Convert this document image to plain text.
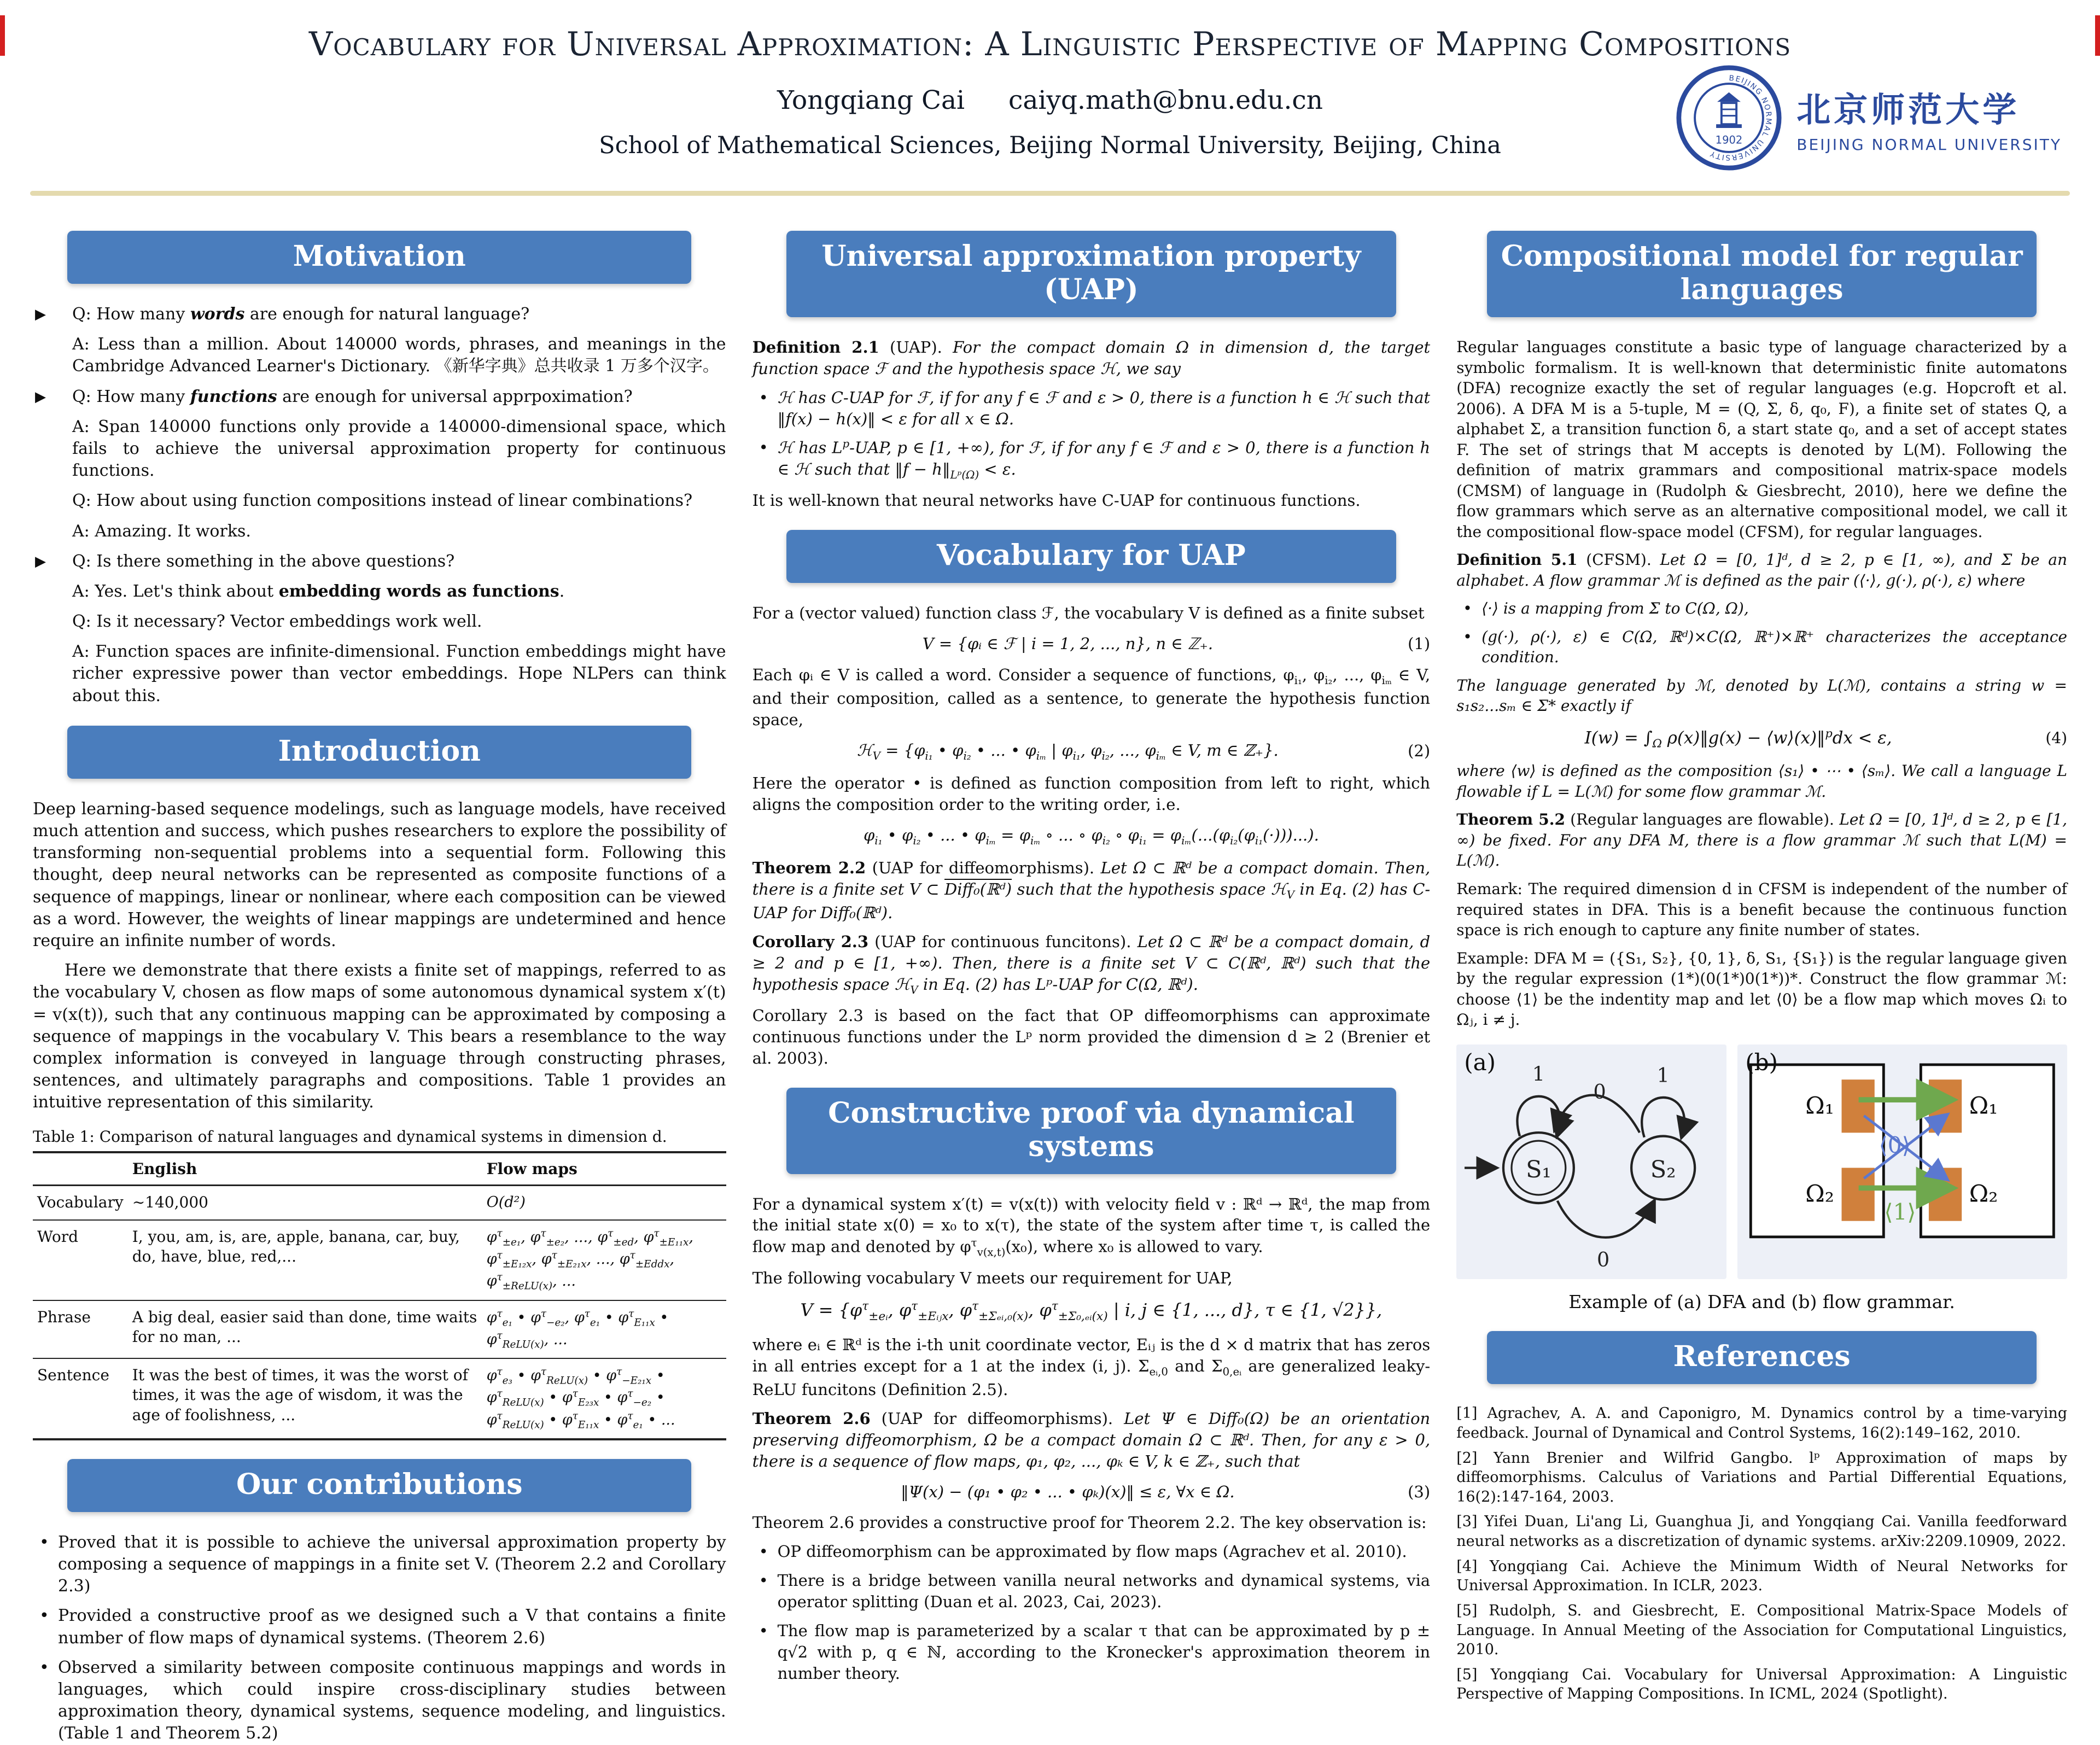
Vocabulary for Universal Approximation: A Linguistic Perspective of Mapping Compositions
Yongqiang Cai caiyq.math@bnu.edu.cn
School of Mathematical Sciences, Beijing Normal University, Beijing, China
BEIJING NORMAL UNIVERSITY
1902
北京师范大学
BEIJING NORMAL UNIVERSITY
Motivation
▶ Q: How many words are enough for natural language?
A: Less than a million. About 140000 words, phrases, and meanings in the Cambridge Advanced Learner's Dictionary. 《新华字典》总共收录 1 万多个汉字。
▶ Q: How many functions are enough for universal apprpoximation?
A: Span 140000 functions only provide a 140000-dimensional space, which fails to achieve the universal approximation property for continuous functions.
Q: How about using function compositions instead of linear combinations?
A: Amazing. It works.
▶ Q: Is there something in the above questions?
A: Yes. Let's think about embedding words as functions.
Q: Is it necessary? Vector embeddings work well.
A: Function spaces are infinite-dimensional. Function embeddings might have richer expressive power than vector embeddings. Hope NLPers can think about this.
Introduction

Deep learning-based sequence modelings, such as language models, have received much attention and success, which pushes researchers to explore the possibility of transforming non-sequential problems into a sequential form. Following this thought, deep neural networks can be represented as composite functions of a sequence of mappings, linear or nonlinear, where each composition can be viewed as a word. However, the weights of linear mappings are undetermined and hence require an infinite number of words.

Here we demonstrate that there exists a finite set of mappings, referred to as the vocabulary V, chosen as flow maps of some autonomous dynamical system x′(t) = v(x(t)), such that any continuous mapping can be approximated by composing a sequence of mappings in the vocabulary V. This bears a resemblance to the way complex information is conveyed in language through constructing phrases, sentences, and ultimately paragraphs and compositions. Table 1 provides an intuitive representation of this similarity.

Table 1: Comparison of natural languages and dynamical systems in dimension d.
	English	Flow maps
Vocabulary	∼140,000	O(d²)
Word	I, you, am, is, are, apple, banana, car, buy, do, have, blue, red,...	$\varphi^\tau_{\pm e_1}$, $\varphi^\tau_{\pm e_2}$, ..., $\varphi^\tau_{\pm e𝑑}$, $\varphi^\tau_{\pm E_{11}x}$, $\varphi^\tau_{\pm E_{12}x}$, $\varphi^\tau_{\pm E_{21}x}$, ..., $\varphi^\tau_{\pm E𝑑𝑑x}$, $\varphi^\tau_{\pm ReLU(x)}$, ...
Phrase	A big deal, easier said than done, time waits for no man, ...	$\varphi^\tau_{e_1}$ • $\varphi^\tau_{-e_2}$, $\varphi^\tau_{e_1}$ • $\varphi^\tau_{E_{11}x}$ • $\varphi^\tau_{ReLU(x)}$, ...
Sentence	It was the best of times, it was the worst of times, it was the age of wisdom, it was the age of foolishness, ...	$\varphi^\tau_{e_3}$ • $\varphi^\tau_{ReLU(x)}$ • $\varphi^\tau_{-E_{21}x}$ • $\varphi^\tau_{ReLU(x)}$ • $\varphi^\tau_{E_{23}x}$ • $\varphi^\tau_{-e_2}$ • $\varphi^\tau_{ReLU(x)}$ • $\varphi^\tau_{E_{11}x}$ • $\varphi^\tau_{e_1}$ • ...
Our contributions
• Proved that it is possible to achieve the universal approximation property by composing a sequence of mappings in a finite set V. (Theorem 2.2 and Corollary 2.3)
• Provided a constructive proof as we designed such a V that contains a finite number of flow maps of dynamical systems. (Theorem 2.6)
• Observed a similarity between composite continuous mappings and words in languages, which could inspire cross-disciplinary studies between approximation theory, dynamical systems, sequence modeling, and linguistics. (Table 1 and Theorem 5.2)
Universal approximation property (UAP)

Definition 2.1 (UAP). For the compact domain Ω in dimension d, the target function space ℱ and the hypothesis space ℋ, we say

• ℋ has C-UAP for ℱ, if for any f ∈ ℱ and ε > 0, there is a function h ∈ ℋ such that ‖f(x) − h(x)‖ < ε for all x ∈ Ω.
• ℋ has $L^p$-UAP, p ∈ [1, +∞), for ℱ, if for any f ∈ ℱ and ε > 0, there is a function h ∈ ℋ such that ‖f − $h‖_{Lᵖ(\Omega)} < \varepsilon$.

It is well-known that neural networks have C-UAP for continuous functions.

Vocabulary for UAP

For a (vector valued) function class ℱ, the vocabulary V is defined as a finite subset

V = {φᵢ ∈ ℱ | i = 1, 2, ..., n}, n ∈ ℤ₊.	(1)

Each φᵢ ∈ V is called a word. Consider a sequence of functions, $\varphi_{i_1}$, $\varphi_{i_2}$, ..., $\varphi_{i_m}$ ∈ V, and their composition, called as a sentence, to generate the hypothesis function space,

ℋ$_V$ = {$\varphi_{i_1}$ • $\varphi_{i_2}$ • ... • $\varphi_{i_m}$ | $\varphi_{i_1}$, $\varphi_{i_2}$, ..., $\varphi_{i_m}$ ∈ V, m ∈ ℤ₊}.	(2)

Here the operator • is defined as function composition from left to right, which aligns the composition order to the writing order, i.e.

$\varphi_{i_1}$ • $\varphi_{i_2}$ • ... • $\varphi_{i_m} = \varphi_{i_m}$ ∘ ... ∘ $\varphi_{i_2}$ ∘ $\varphi_{i_1} = \varphi_{i_m}(...(\varphi_{i_2}(\varphi_{i_1}(\cdot)))...)$.

Theorem 2.2 (UAP for diffeomorphisms). Let Ω ⊂ ℝᵈ be a compact domain. Then, there is a finite set V ⊂ Diff₀(ℝᵈ) such that the hypothesis space ℋ$_V$ in Eq. (2) has C-UAP for Diff₀(ℝᵈ).

Corollary 2.3 (UAP for continuous funcitons). Let Ω ⊂ ℝᵈ be a compact domain, d ≥ 2 and p ∈ [1, +∞). Then, there is a finite set V ⊂ C(ℝᵈ, ℝᵈ) such that the hypothesis space ℋ$_V$ in Eq. (2) has Lᵖ-UAP for C(Ω, ℝᵈ).

Corollary 2.3 is based on the fact that OP diffeomorphisms can approximate continuous functions under the Lᵖ norm provided the dimension d ≥ 2 (Brenier et al. 2003).

Constructive proof via dynamical systems

For a dynamical system x′(t) = v(x(t)) with velocity field v : ℝᵈ → ℝᵈ, the map from the initial state x(0) = x₀ to x(τ), the state of the system after time τ, is called the flow map and denoted by $\varphi^\tau_{v(x,t)}(x_0)$, where x₀ is allowed to vary.

The following vocabulary V meets our requirement for UAP,

$V = \{\varphi^\tau_{\pm eᵢ}$, $\varphi^\tau_{\pm Eᵢⱼx}$, $\varphi^\tau_{\pm\Sigma_eᵢ,_0(x)}$, $\varphi^\tau_{\pm\Sigma_0,_eᵢ(x)}$ | i, j ∈ {1, ..., d}, τ ∈ {1, √2}},

where eᵢ ∈ ℝᵈ is the i-th unit coordinate vector, Eᵢⱼ is the d × d matrix that has zeros in all entries except for a 1 at the index (i, j). $\Sigma_{eᵢ,0}$ and $\Sigma_{0,eᵢ}$ are generalized leaky-ReLU funcitons (Definition 2.5).

Theorem 2.6 (UAP for diffeomorphisms). Let Ψ ∈ Diff₀(Ω) be an orientation preserving diffeomorphism, Ω be a compact domain Ω ⊂ ℝᵈ. Then, for any ε > 0, there is a sequence of flow maps, φ₁, φ₂, ..., φₖ ∈ V, k ∈ ℤ₊, such that

‖Ψ(x) − (φ₁ • φ₂ • ... • φₖ)(x)‖ ≤ ε, ∀x ∈ Ω.	(3)

Theorem 2.6 provides a constructive proof for Theorem 2.2. The key observation is:

• OP diffeomorphism can be approximated by flow maps (Agrachev et al. 2010).
• There is a bridge between vanilla neural networks and dynamical systems, via operator splitting (Duan et al. 2023, Cai, 2023).
• The flow map is parameterized by a scalar τ that can be approximated by p ± q√2 with p, q ∈ ℕ, according to the Kronecker's approximation theorem in number theory.
Compositional model for regular languages

Regular languages constitute a basic type of language characterized by a symbolic formalism. It is well-known that deterministic finite automatons (DFA) recognize exactly the set of regular languages (e.g. Hopcroft et al. 2006). A DFA M is a 5-tuple, M = (Q, Σ, δ, q₀, F), a finite set of states Q, a alphabet Σ, a transition function δ, a start state q₀, and a set of accept states F. The set of strings that M accepts is denoted by L(M). Following the definition of matrix grammars and compositional matrix-space models (CMSM) of language in (Rudolph & Giesbrecht, 2010), here we define the flow grammars which serve as an alternative compositional model, we call it the compositional flow-space model (CFSM), for regular languages.

Definition 5.1 (CFSM). Let Ω = [0, 1]ᵈ, d ≥ 2, p ∈ [1, ∞), and Σ be an alphabet. A flow grammar ℳ is defined as the pair (⟨·⟩, g(·), ρ(·), ε) where

• ⟨·⟩ is a mapping from Σ to C(Ω, Ω),
• (g(·), ρ(·), ε) ∈ C(Ω, ℝᵈ)×C(Ω, ℝ⁺)×ℝ⁺ characterizes the acceptance condition.

The language generated by ℳ, denoted by L(ℳ), contains a string w = s₁s₂...sₘ ∈ Σ* exactly if

$I(w) = \int_\Omega$ ρ(x)‖g(x) − ⟨w⟩(x)‖$^p$dx < ε,	(4)

where ⟨w⟩ is defined as the composition ⟨s₁⟩ • ⋯ • ⟨sₘ⟩. We call a language L flowable if L = L(ℳ) for some flow grammar ℳ.

Theorem 5.2 (Regular languages are flowable). Let Ω = [0, 1]ᵈ, d ≥ 2, p ∈ [1, ∞) be fixed. For any DFA M, there is a flow grammar ℳ such that L(M) = L(ℳ).

Remark: The required dimension d in CFSM is independent of the number of required states in DFA. This is a benefit because the continuous function space is rich enough to capture any finite number of states.

Example: DFA M = ({S₁, S₂}, {0, 1}, δ, S₁, {S₁}) is the regular language given by the regular expression (1*)(0(1*)0(1*))*. Construct the flow grammar ℳ: choose ⟨1⟩ be the indentity map and let ⟨0⟩ be a flow map which moves Ωᵢ to Ωⱼ, i ≠ j.

(a)
S₁	S₂
1	1
0
0
(b)
Ω₁
Ω₂
Ω₁
Ω₂
⟨0⟩
⟨1⟩
Example of (a) DFA and (b) flow grammar.
References

[1] Agrachev, A. A. and Caponigro, M. Dynamics control by a time-varying feedback. Journal of Dynamical and Control Systems, 16(2):149–162, 2010.

[2] Yann Brenier and Wilfrid Gangbo. lᵖ Approximation of maps by diffeomorphisms. Calculus of Variations and Partial Differential Equations, 16(2):147-164, 2003.

[3] Yifei Duan, Li'ang Li, Guanghua Ji, and Yongqiang Cai. Vanilla feedforward neural networks as a discretization of dynamic systems. arXiv:2209.10909, 2022.

[4] Yongqiang Cai. Achieve the Minimum Width of Neural Networks for Universal Approximation. In ICLR, 2023.

[5] Rudolph, S. and Giesbrecht, E. Compositional Matrix-Space Models of Language. In Annual Meeting of the Association for Computational Linguistics, 2010.

[5] Yongqiang Cai. Vocabulary for Universal Approximation: A Linguistic Perspective of Mapping Compositions. In ICML, 2024 (Spotlight).
